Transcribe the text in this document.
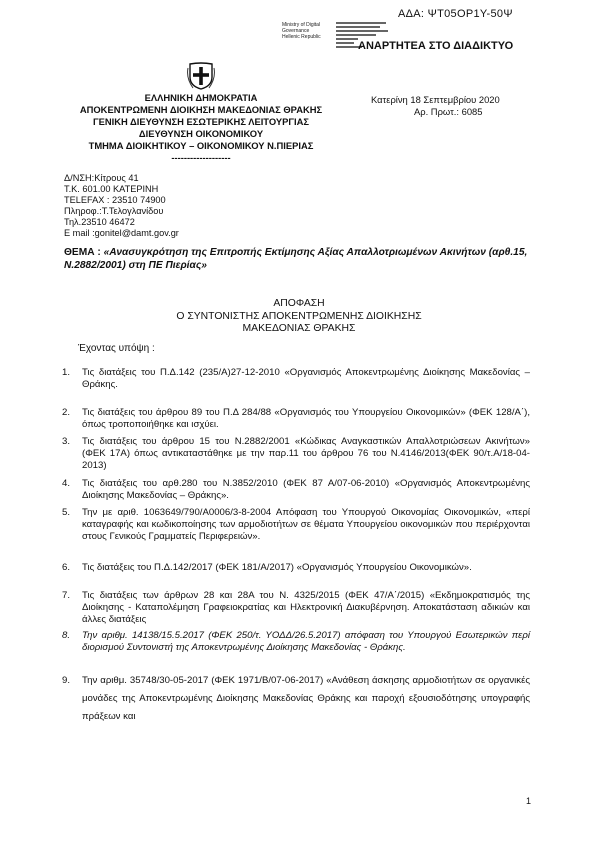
ΑΔΑ: ΨΤ05ΟΡ1Υ-50Ψ
Ministry of Digital
Governance
Hellenic Republic
ΑΝΑΡΤΗΤΕΑ ΣΤΟ ΔΙΑΔΙΚΤΥΟ
ΕΛΛΗΝΙΚΗ ΔΗΜΟΚΡΑΤΙΑ
ΑΠΟΚΕΝΤΡΩΜΕΝΗ ΔΙΟΙΚΗΣΗ ΜΑΚΕΔΟΝΙΑΣ ΘΡΑΚΗΣ
ΓΕΝΙΚΗ ΔΙΕΥΘΥΝΣΗ ΕΣΩΤΕΡΙΚΗΣ ΛΕΙΤΟΥΡΓΙΑΣ
ΔΙΕΥΘΥΝΣΗ ΟΙΚΟΝΟΜΙΚΟΥ
ΤΜΗΜΑ ΔΙΟΙΚΗΤΙΚΟΥ – ΟΙΚΟΝΟΜΙΚΟΥ Ν.ΠΙΕΡΙΑΣ
-------------------
Κατερίνη 18 Σεπτεμβρίου 2020
Αρ. Πρωτ.: 6085
Δ/ΝΣΗ:Κίτρους 41
Τ.Κ. 601.00 ΚΑΤΕΡΙΝΗ
TELEFAX : 23510 74900
Πληροφ.:Τ.Τελογλανίδου
Τηλ.23510 46472
E mail :gonitel@damt.gov.gr
ΘΕΜΑ : «Ανασυγκρότηση της Επιτροπής Εκτίμησης Αξίας Απαλλοτριωμένων Ακινήτων (αρθ.15, Ν.2882/2001) στη ΠΕ Πιερίας»
ΑΠΟΦΑΣΗ
Ο ΣΥΝΤΟΝΙΣΤΗΣ ΑΠΟΚΕΝΤΡΩΜΕΝΗΣ ΔΙΟΙΚΗΣΗΣ
ΜΑΚΕΔΟΝΙΑΣ ΘΡΑΚΗΣ
Έχοντας υπόψη :
1. Τις διατάξεις του Π.Δ.142 (235/Α)27-12-2010 «Οργανισμός Αποκεντρωμένης Διοίκησης Μακεδονίας – Θράκης.
2. Τις διατάξεις του άρθρου 89 του Π.Δ 284/88 «Οργανισμός του Υπουργείου Οικονομικών» (ΦΕΚ 128/Α΄), όπως τροποποιήθηκε και ισχύει.
3. Τις διατάξεις του άρθρου 15 του Ν.2882/2001 «Κώδικας Αναγκαστικών Απαλλοτριώσεων Ακινήτων» (ΦΕΚ 17Α) όπως αντικαταστάθηκε με την παρ.11 του άρθρου 76 του Ν.4146/2013(ΦΕΚ 90/τ.Α/18-04-2013)
4. Τις διατάξεις του αρθ.280 του Ν.3852/2010 (ΦΕΚ 87 Α/07-06-2010) «Οργανισμός Αποκεντρωμένης Διοίκησης Μακεδονίας – Θράκης».
5. Την με αριθ. 1063649/790/Α0006/3-8-2004 Απόφαση του Υπουργού Οικονομίας Οικονομικών, «περί καταγραφής και κωδικοποίησης των αρμοδιοτήτων σε θέματα Υπουργείου οικονομικών που περιέρχονται στους Γενικούς Γραμματείς Περιφερειών».
6. Τις διατάξεις του Π.Δ.142/2017 (ΦΕΚ 181/Α/2017) «Οργανισμός Υπουργείου Οικονομικών».
7. Τις διατάξεις των άρθρων 28 και 28Α του Ν. 4325/2015 (ΦΕΚ 47/Α΄/2015) «Εκδημοκρατισμός της Διοίκησης - Καταπολέμηση Γραφειοκρατίας και Ηλεκτρονική Διακυβέρνηση. Αποκατάσταση αδικιών και άλλες διατάξεις
8. Την αριθμ. 14138/15.5.2017 (ΦΕΚ 250/τ. ΥΟΔΔ/26.5.2017) απόφαση του Υπουργού Εσωτερικών περί διορισμού Συντονιστή της Αποκεντρωμένης Διοίκησης Μακεδονίας - Θράκης.
9. Την αριθμ. 35748/30-05-2017 (ΦΕΚ 1971/Β/07-06-2017) «Ανάθεση άσκησης αρμοδιοτήτων σε οργανικές μονάδες της Αποκεντρωμένης Διοίκησης Μακεδονίας Θράκης και παροχή εξουσιοδότησης υπογραφής πράξεων και
1
